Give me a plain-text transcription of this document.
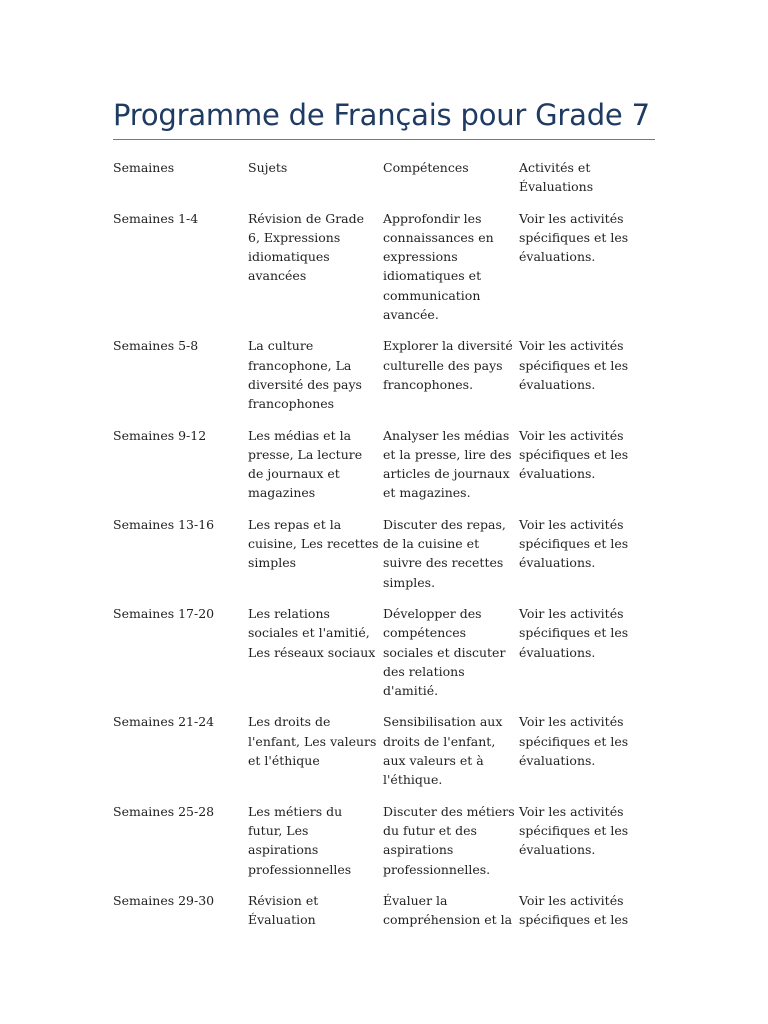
Programme de Français pour Grade 7
Semaines	Sujets	Compétences	Activités et Évaluations
Semaines 1-4	Révision de Grade 6, Expressions idiomatiques avancées	Approfondir les connaissances en expressions idiomatiques et communication avancée.	Voir les activités spécifiques et les évaluations.
Semaines 5-8	La culture francophone, La diversité des pays francophones	Explorer la diversité culturelle des pays francophones.	Voir les activités spécifiques et les évaluations.
Semaines 9-12	Les médias et la presse, La lecture de journaux et magazines	Analyser les médias et la presse, lire des articles de journaux et magazines.	Voir les activités spécifiques et les évaluations.
Semaines 13-16	Les repas et la cuisine, Les recettes simples	Discuter des repas, de la cuisine et suivre des recettes simples.	Voir les activités spécifiques et les évaluations.
Semaines 17-20	Les relations sociales et l'amitié, Les réseaux sociaux	Développer des compétences sociales et discuter des relations d'amitié.	Voir les activités spécifiques et les évaluations.
Semaines 21-24	Les droits de l'enfant, Les valeurs et l'éthique	Sensibilisation aux droits de l'enfant, aux valeurs et à l'éthique.	Voir les activités spécifiques et les évaluations.
Semaines 25-28	Les métiers du futur, Les aspirations professionnelles	Discuter des métiers du futur et des aspirations professionnelles.	Voir les activités spécifiques et les évaluations.
Semaines 29-30	Révision et Évaluation	Évaluer la compréhension et la	Voir les activités spécifiques et les
